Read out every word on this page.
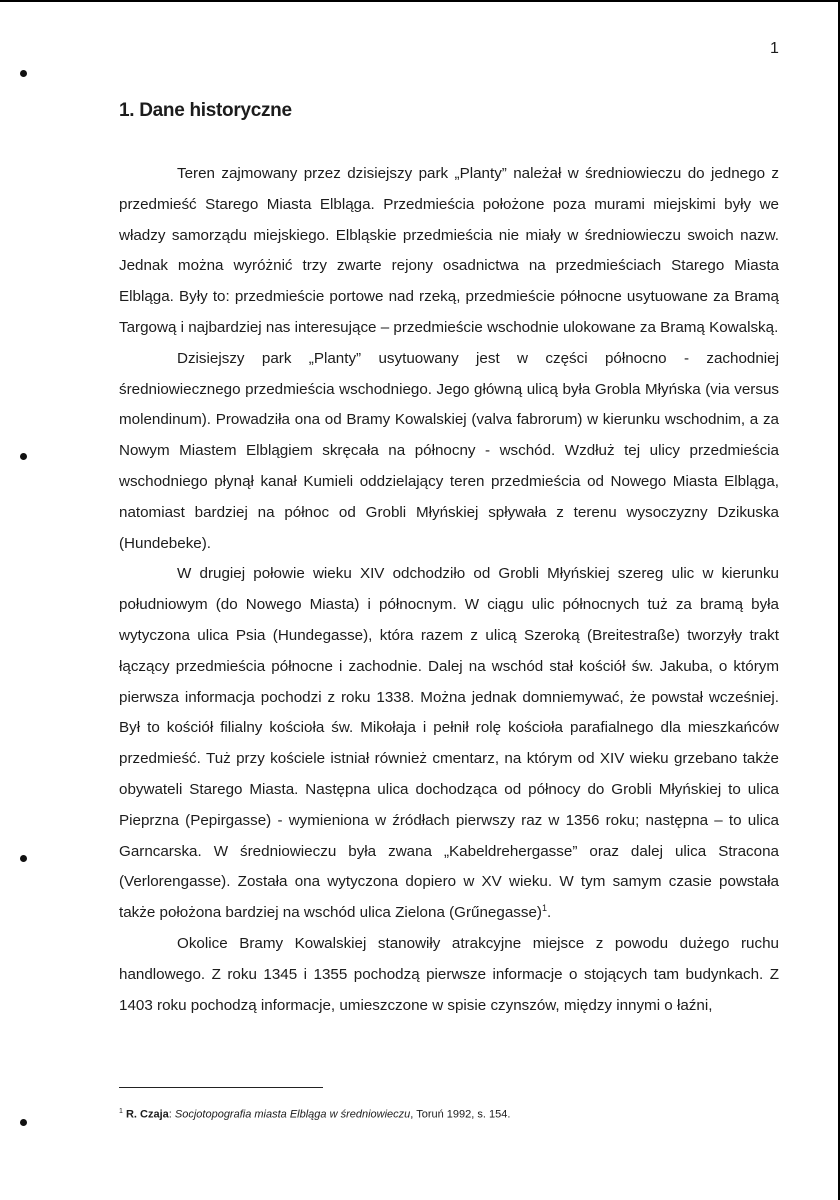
1
1. Dane historyczne

Teren zajmowany przez dzisiejszy park „Planty” należał w średniowieczu do jednego z przedmieść Starego Miasta Elbląga. Przedmieścia położone poza murami miejskimi były we władzy samorządu miejskiego. Elbląskie przedmieścia nie miały w średniowieczu swoich nazw. Jednak można wyróżnić trzy zwarte rejony osadnictwa na przedmieściach Starego Miasta Elbląga. Były to: przedmieście portowe nad rzeką, przedmieście północne usytuowane za Bramą Targową i najbardziej nas interesujące – przedmieście wschodnie ulokowane za Bramą Kowalską.

Dzisiejszy park „Planty” usytuowany jest w części północno - zachodniej średniowiecznego przedmieścia wschodniego. Jego główną ulicą była Grobla Młyńska (via versus molendinum). Prowadziła ona od Bramy Kowalskiej (valva fabrorum) w kierunku wschodnim, a za Nowym Miastem Elblągiem skręcała na północny - wschód. Wzdłuż tej ulicy przedmieścia wschodniego płynął kanał Kumieli oddzielający teren przedmieścia od Nowego Miasta Elbląga, natomiast bardziej na północ od Grobli Młyńskiej spływała z terenu wysoczyzny Dzikuska (Hundebeke).

W drugiej połowie wieku XIV odchodziło od Grobli Młyńskiej szereg ulic w kierunku południowym (do Nowego Miasta) i północnym. W ciągu ulic północnych tuż za bramą była wytyczona ulica Psia (Hundegasse), która razem z ulicą Szeroką (Breitestraße) tworzyły trakt łączący przedmieścia północne i zachodnie. Dalej na wschód stał kościół św. Jakuba, o którym pierwsza informacja pochodzi z roku 1338. Można jednak domniemywać, że powstał wcześniej. Był to kościół filialny kościoła św. Mikołaja i pełnił rolę kościoła parafialnego dla mieszkańców przedmieść. Tuż przy kościele istniał również cmentarz, na którym od XIV wieku grzebano także obywateli Starego Miasta. Następna ulica dochodząca od północy do Grobli Młyńskiej to ulica Pieprzna (Pepirgasse) - wymieniona w źródłach pierwszy raz w 1356 roku; następna – to ulica Garncarska. W średniowieczu była zwana „Kabeldrehergasse” oraz dalej ulica Stracona (Verlorengasse). Została ona wytyczona dopiero w XV wieku. W tym samym czasie powstała także położona bardziej na wschód ulica Zielona (Grűnegasse)$^1$.

Okolice Bramy Kowalskiej stanowiły atrakcyjne miejsce z powodu dużego ruchu handlowego. Z roku 1345 i 1355 pochodzą pierwsze informacje o stojących tam budynkach. Z 1403 roku pochodzą informacje, umieszczone w spisie czynszów, między innymi o łaźni,

$^1$ R. Czaja: Socjotopografia miasta Elbląga w średniowieczu, Toruń 1992, s. 154.
